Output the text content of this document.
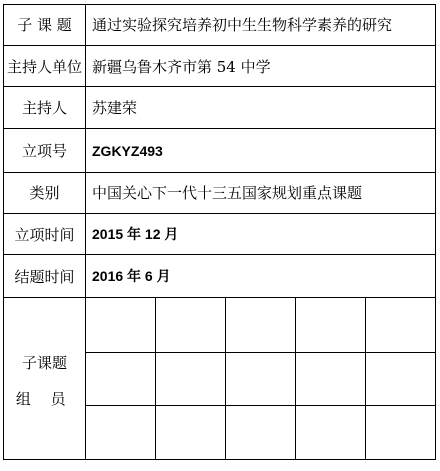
子 课 题	通过实验探究培养初中生生物科学素养的研究				
主持人单位	新疆乌鲁木齐市第 54 中学				
主持人	苏建荣				
立项号	ZGKYZ493				
类别	中国关心下一代十三五国家规划重点课题				
立项时间	2015 年 12 月				
结题时间	2016 年 6 月				

子课题
组 员					
